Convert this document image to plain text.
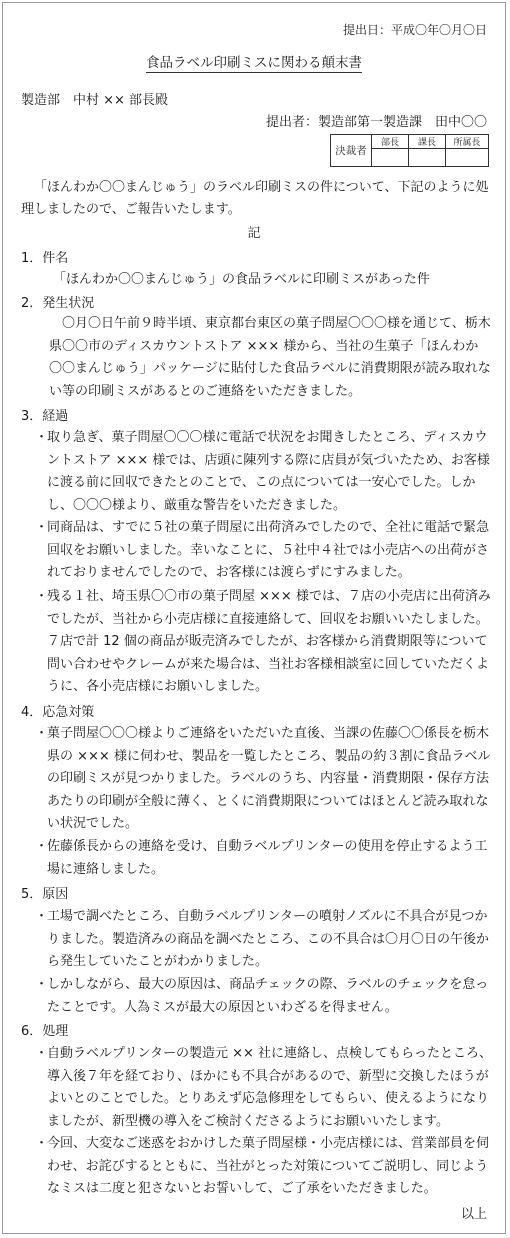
提出日：平成〇年〇月〇日
食品ラベル印刷ミスに関わる顛末書
製造部　中村 ×× 部長殿
提出者：製造部第一製造課　田中〇〇
決裁者	部長	課長	所属長

「ほんわか〇〇まんじゅう」のラベル印刷ミスの件について、下記のように処理しましたので、ご報告いたします。
記
1．件名
「ほんわか〇〇まんじゅう」の食品ラベルに印刷ミスがあった件
2．発生状況
〇月〇日午前９時半頃、東京都台東区の菓子問屋〇〇〇様を通じて、栃木県〇〇市のディスカウントストア ××× 様から、当社の生菓子「ほんわか〇〇まんじゅう」パッケージに貼付した食品ラベルに消費期限が読み取れない等の印刷ミスがあるとのご連絡をいただきました。
3．経過
・
取り急ぎ、菓子問屋〇〇〇様に電話で状況をお聞きしたところ、ディスカウントストア ××× 様では、店頭に陳列する際に店員が気づいたため、お客様に渡る前に回収できたとのことで、この点については一安心でした。しかし、〇〇〇様より、厳重な警告をいただきました。
・
同商品は、すでに５社の菓子問屋に出荷済みでしたので、全社に電話で緊急回収をお願いしました。幸いなことに、５社中４社では小売店への出荷がされておりませんでしたので、お客様には渡らずにすみました。
・
残る１社、埼玉県〇〇市の菓子問屋 ××× 様では、７店の小売店に出荷済みでしたが、当社から小売店様に直接連絡して、回収をお願いいたしました。７店で計 12 個の商品が販売済みでしたが、お客様から消費期限等について問い合わせやクレームが来た場合は、当社お客様相談室に回していただくように、各小売店様にお願いしました。
4．応急対策
・
菓子問屋〇〇〇様よりご連絡をいただいた直後、当課の佐藤〇〇係長を栃木県の ××× 様に伺わせ、製品を一覧したところ、製品の約３割に食品ラベルの印刷ミスが見つかりました。ラベルのうち、内容量・消費期限・保存方法あたりの印刷が全般に薄く、とくに消費期限についてはほとんど読み取れない状況でした。
・
佐藤係長からの連絡を受け、自動ラベルプリンターの使用を停止するよう工場に連絡しました。
5．原因
・
工場で調べたところ、自動ラベルプリンターの噴射ノズルに不具合が見つかりました。製造済みの商品を調べたところ、この不具合は〇月〇日の午後から発生していたことがわかりました。
・
しかしながら、最大の原因は、商品チェックの際、ラベルのチェックを怠ったことです。人為ミスが最大の原因といわざるを得ません。
6．処理
・
自動ラベルプリンターの製造元 ×× 社に連絡し、点検してもらったところ、導入後７年を経ており、ほかにも不具合があるので、新型に交換したほうがよいとのことでした。とりあえず応急修理をしてもらい、使えるようになりましたが、新型機の導入をご検討くださるようにお願いいたします。
・
今回、大変なご迷惑をおかけした菓子問屋様・小売店様には、営業部員を伺わせ、お詫びするとともに、当社がとった対策についてご説明し、同じようなミスは二度と犯さないとお誓いして、ご了承をいただきました。
以上
